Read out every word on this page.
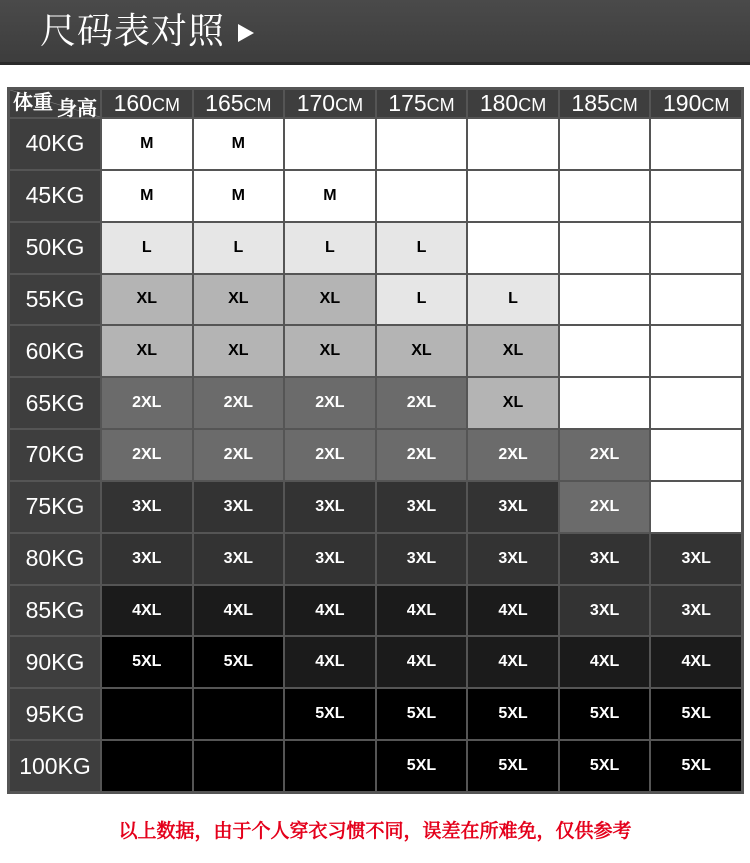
尺码表对照
身高
体重	160CM	165CM	170CM	175CM	180CM	185CM	190CM
40KG	M	M					
45KG	M	M	M				
50KG	L	L	L	L			
55KG	XL	XL	XL	L	L		
60KG	XL	XL	XL	XL	XL		
65KG	2XL	2XL	2XL	2XL	XL		
70KG	2XL	2XL	2XL	2XL	2XL	2XL	
75KG	3XL	3XL	3XL	3XL	3XL	2XL	
80KG	3XL	3XL	3XL	3XL	3XL	3XL	3XL
85KG	4XL	4XL	4XL	4XL	4XL	3XL	3XL
90KG	5XL	5XL	4XL	4XL	4XL	4XL	4XL
95KG			5XL	5XL	5XL	5XL	5XL
100KG				5XL	5XL	5XL	5XL
以上数据，由于个人穿衣习惯不同，误差在所难免，仅供参考
